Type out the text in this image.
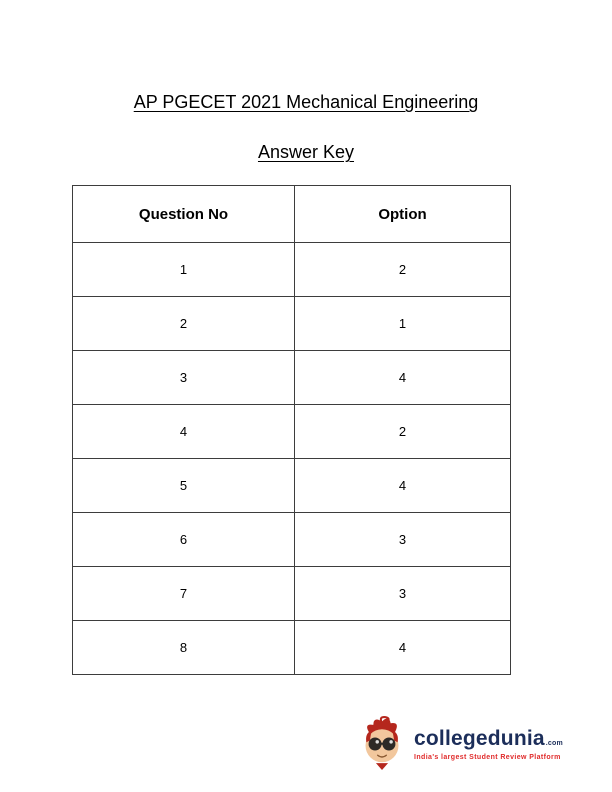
AP PGECET 2021 Mechanical Engineering
Answer Key
Question No	Option
1	2
2	1
3	4
4	2
5	4
6	3
7	3
8	4
collegedunia.com
India's largest Student Review Platform
